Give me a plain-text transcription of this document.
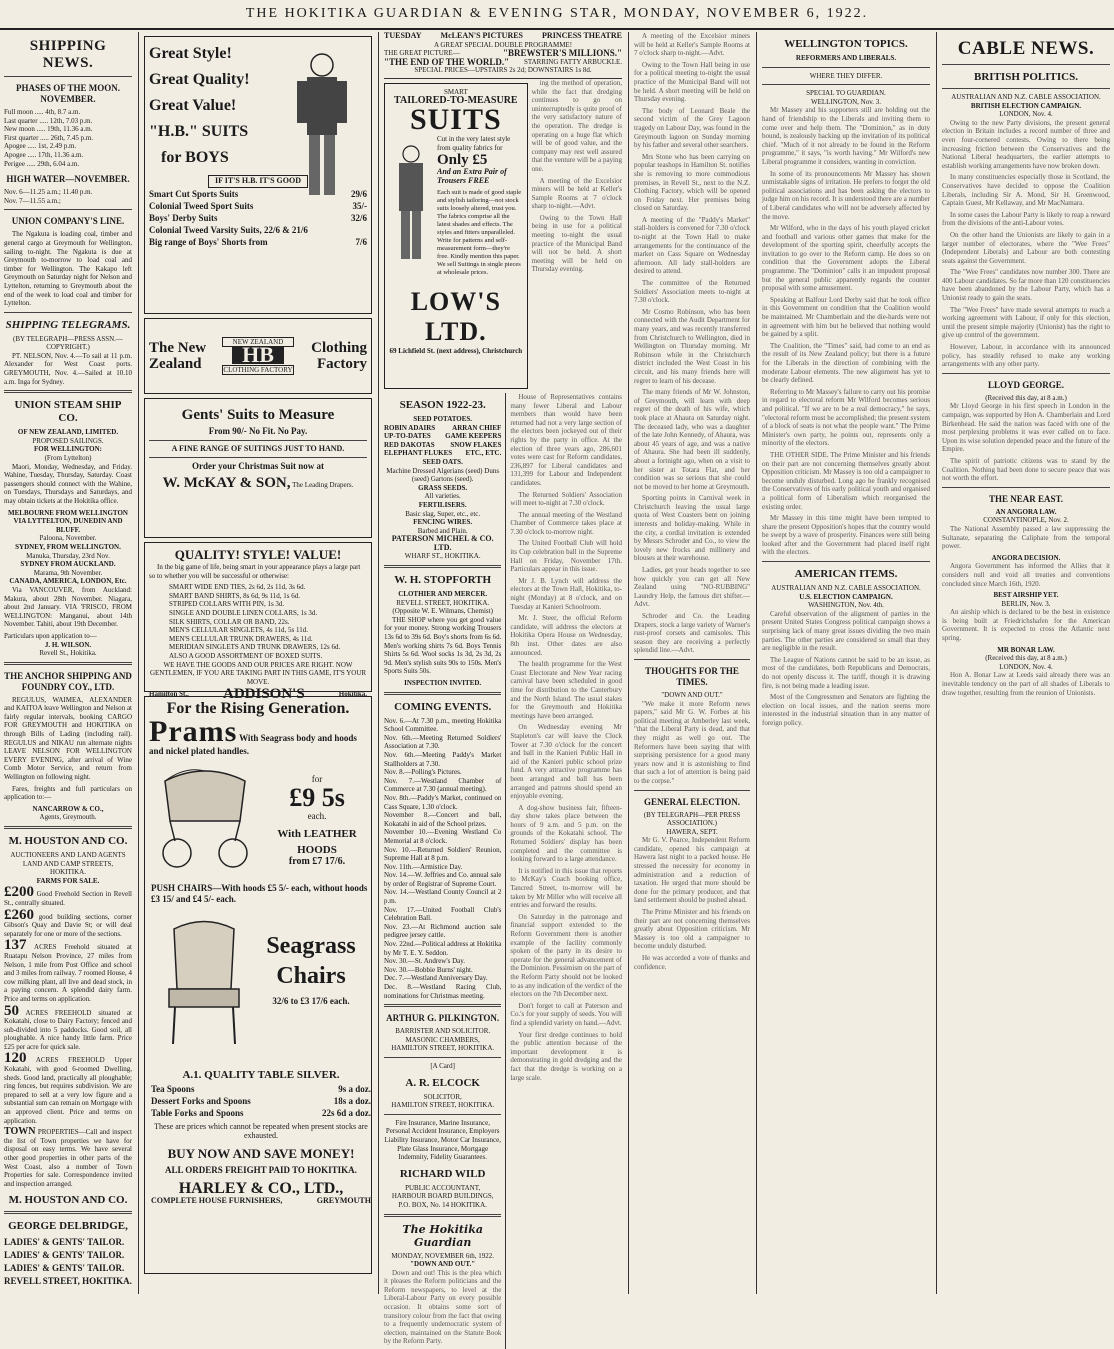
THE HOKITIKA GUARDIAN & EVENING STAR, MONDAY, NOVEMBER 6, 1922.
SHIPPING NEWS.
PHASES OF THE MOON. NOVEMBER.
Full moon ..... 4th, 8.7 a.m.
Last quarter ..... 12th, 7.03 p.m.
New moon ..... 19th, 11.36 a.m.
First quarter ..... 26th, 7.45 p.m.
Apogee ..... 1st, 2.49 p.m.
Apogee ..... 17th, 11.36 a.m.
Perigee ..... 29th, 6.04 a.m.
HIGH WATER—NOVEMBER.
Nov. 6—11.25 a.m.; 11.40 p.m.
Nov. 7—11.55 a.m.;
UNION COMPANY'S LINE.
The Ngakuta is loading coal, timber and general cargo at Greymouth for Wellington, sailing to-night. The Ngakuta is due at Greymouth to-morrow to load coal and timber for Wellington. The Kakapo left Greymouth on Saturday night for Nelson and Lyttelton, returning to Greymouth about the end of the week to load coal and timber for Lyttelton.
SHIPPING TELEGRAMS.
(BY TELEGRAPH—PRESS ASSN.—COPYRIGHT.)
PT. NELSON, Nov. 4.—To sail at 11 p.m. Alexander for West Coast ports. GREYMOUTH, Nov. 4.—Sailed at 10.10 a.m. Inga for Sydney.
UNION STEAM SHIP CO.
OF NEW ZEALAND, LIMITED.
PROPOSED SAILINGS.
FOR WELLINGTON:
(From Lyttelton)
Maori, Monday, Wednesday, and Friday. Wahine, Tuesday, Thursday, Saturday. Coast passengers should connect with the Wahine, on Tuesdays, Thursdays and Saturdays, and may obtain tickets at the Hokitika office.
MELBOURNE FROM WELLINGTON VIA LYTTELTON, DUNEDIN AND BLUFF.
Paloona, November.
SYDNEY, FROM WELLINGTON.
Manuka, Thursday, 23rd Nov.
SYDNEY FROM AUCKLAND.
Marama, 9th November.
CANADA, AMERICA, LONDON, Etc.
Via VANCOUVER, from Auckland: Makura, about 28th November. Niagara, about 2nd January. VIA 'FRISCO, FROM WELLINGTON: Manganui, about 14th November. Tahiti, about 19th December.
Particulars upon application to—
J. H. WILSON.
Revell St., Hokitika.
THE ANCHOR SHIPPING AND FOUNDRY COY., LTD.
REGULUS, WAIMEA, ALEXANDER and KAITOA leave Wellington and Nelson at fairly regular intervals, booking CARGO FOR GREYMOUTH and HOKITIKA on through Bills of Lading (including rail). REGULUS and NIKAU run alternate nights LEAVE NELSON FOR WELLINGTON EVERY EVENING, after arrival of Wine Comb Motor Service, and return from Wellington on following night.
Fares, freights and full particulars on application to:—
NANCARROW & CO.,
Agents, Greymouth.
M. HOUSTON AND CO.
AUCTIONEERS AND LAND AGENTS
LAND AND CAMP STREETS, HOKITIKA.
FARMS FOR SALE.
£200 Good Freehold Section in Revell St., centrally situated.
£260 good building sections, corner Gibson's Quay and Davie St; or will deal separately for one or more of the sections.
137 ACRES Freehold situated at Ruatapu Nelson Province, 27 miles from Nelson, 1 mile from Post Office and school and 3 miles from railway. 7 roomed House, 4 cow milking plant, all live and dead stock, in a paying concern. A splendid dairy farm. Price and terms on application.
50 ACRES FREEHOLD situated at Kokatahi, close to Dairy Factory; fenced and sub-divided into 5 paddocks. Good soil, all ploughable. A nice handy little farm. Price £25 per acre for quick sale.
120 ACRES FREEHOLD Upper Kokatahi, with good 6-roomed Dwelling, sheds. Good land, practically all ploughable; ring fences, but requires subdivision. We are prepared to sell at a very low figure and a substantial sum can remain on Mortgage with an approved client. Price and terms on application.
TOWN PROPERTIES—Call and inspect the list of Town properties we have for disposal on easy terms. We have several other good properties in other parts of the West Coast, also a number of Town Properties for sale. Correspondence invited and inspection arranged.
M. HOUSTON AND CO.
GEORGE DELBRIDGE,
LADIES' & GENTS' TAILOR.
LADIES' & GENTS' TAILOR.
LADIES' & GENTS' TAILOR.
REVELL STREET, HOKITIKA.
Great Style!
Great Quality!
Great Value!
"H.B." SUITS
for BOYS
IF IT'S H.B. IT'S GOOD
Smart Cut Sports Suits	29/6
Colonial Tweed Sport Suits	35/-
Boys' Derby Suits	32/6
Colonial Tweed Varsity Suits, 22/6 & 21/6
Big range of Boys' Shorts from	7/6
The New Zealand
NEW ZEALAND
HB
CLOTHING FACTORY
Clothing Factory
Gents' Suits to Measure
From 90/- No Fit. No Pay.
A FINE RANGE OF SUITINGS JUST TO HAND.
Order your Christmas Suit now at
W. McKAY & SON, The Leading Drapers.
QUALITY! STYLE! VALUE!
In the big game of life, being smart in your appearance plays a large part so to whether you will be successful or otherwise:
SMART WIDE END TIES, 2s 6d, 2s 11d, 3s 6d.
SMART BAND SHIRTS, 8s 6d, 9s 11d, 1s 6d.
STRIPED COLLARS WITH PIN, 1s 3d.
SINGLE AND DOUBLE LINEN COLLARS, 1s 3d.
SILK SHIRTS, COLLAR OR BAND, 22s.
MEN'S CELLULAR SINGLETS, 4s 11d, 5s 11d.
MEN'S CELLULAR TRUNK DRAWERS, 4s 11d.
MERIDIAN SINGLETS AND TRUNK DRAWERS, 12s 6d.
ALSO A GOOD ASSORTMENT OF BOXED SUITS.
WE HAVE THE GOODS AND OUR PRICES ARE RIGHT. NOW GENTLEMEN, IF YOU ARE TAKING PART IN THIS GAME, IT'S YOUR MOVE.
Hamilton St., ADDISON'S	Hokitika.
For the Rising Generation.
Prams With Seagrass body and hoods and nickel plated handles.
for
£9 5s
each.
With LEATHER HOODS
from £7 17/6.
PUSH CHAIRS—With hoods £5 5/- each, without hoods £3 15/ and £4 5/- each.
Seagrass Chairs
32/6 to £3 17/6 each.
A.1. QUALITY TABLE SILVER.
Tea Spoons	9s a doz.
Dessert Forks and Spoons	18s a doz.
Table Forks and Spoons	22s 6d a doz.
These are prices which cannot be repeated when present stocks are exhausted.
BUY NOW AND SAVE MONEY!
ALL ORDERS FREIGHT PAID TO HOKITIKA.
HARLEY & CO., LTD.,
COMPLETE HOUSE FURNISHERS,	GREYMOUTH
TUESDAY McLEAN'S PICTURES PRINCESS THEATRE
A GREAT SPECIAL DOUBLE PROGRAMME!
THE GREAT PICTURE—	"BREWSTER'S MILLIONS."
"THE END OF THE WORLD." STARRING FATTY ARBUCKLE.
SPECIAL PRICES—UPSTAIRS 2s 2d; DOWNSTAIRS 1s 8d.
SMART
TAILORED-TO-MEASURE
SUITS
Cut in the very latest style from quality fabrics for
Only £5
And an Extra Pair of Trousers FREE
Each suit is made of good staple and stylish tailoring—not stock suits loosely altered, trust you. The fabrics comprise all the latest shades and effects. The styles and fitters unparalleled. Write for patterns and self-measurement form—they're free. Kindly mention this paper. We sell Suitings in single pieces at wholesale prices.
LOW'S LTD.
69 Lichfield St. (next address), Christchurch
ing the method of operation, while the fact that dredging continues to go on uninterruptedly is quite proof of the very satisfactory nature of the operation. The dredge is operating on a huge flat which will be of good value, and the company may rest well assured that the venture will be a paying one.
A meeting of the Excelsior miners will be held at Keller's Sample Rooms at 7 o'clock sharp to-night.—Advt.
Owing to the Town Hall being in use for a political meeting to-night the usual practice of the Municipal Band will not be held. A short meeting will be held on Thursday evening.
SEASON 1922-23.
SEED POTATOES.
ROBIN ADAIRS ARRAN CHIEF
UP-TO-DATES GAME KEEPERS
RED DAKOTAS SNOW FLAKES
ELEPHANT FLUKES ETC., ETC.
SEED OATS.
Machine Dressed Algerians (seed) Duns (seed) Gartons (seed).
GRASS SEEDS.
All varieties.
FERTILISERS.
Basic slag, Super, etc., etc.
FENCING WIRES.
Barbed and Plain.
PATERSON MICHEL & CO. LTD.
WHARF ST., HOKITIKA.
W. H. STOPFORTH
CLOTHIER AND MERCER.
REVELL STREET, HOKITIKA.
(Opposite W. E. Wilmans, Chemist)
THE SHOP where you get good value for your money. Strong working Trousers 13s 6d to 39s 6d. Boy's shorts from 6s 6d. Men's working shirts 7s 6d. Boys Tennis Shirts 5s 6d. Wool socks 1s 3d, 2s 3d, 2s 9d. Men's stylish suits 90s to 150s. Men's Sports Suits 50s.
INSPECTION INVITED.
COMING EVENTS.
Nov. 6.—At 7.30 p.m., meeting Hokitika School Committee.
Nov. 6th.—Meeting Returned Soldiers' Association at 7.30.
Nov. 6th.—Meeting Paddy's Market Stallholders at 7.30.
Nov. 8.—Polling's Pictures.
Nov. 7.—Westland Chamber of Commerce at 7.30 (annual meeting).
Nov. 8th.—Paddy's Market, continued on Cass Square, 1.30 o'clock.
November 8.—Concert and ball, Kokatahi in aid of the School prizes.
November 10.—Evening Westland Co Memorial at 8 o'clock.
Nov. 10.—Returned Soldiers' Reunion, Supreme Hall at 8 p.m.
Nov. 11th.—Armistice Day.
Nov. 14.—W. Jeffries and Co. annual sale by order of Registrar of Supreme Court.
Nov. 14.—Westland County Council at 2 p.m.
Nov. 17.—United Football Club's Celebration Ball.
Nov. 23.—At Richmond auction sale pedigree jersey cattle.
Nov. 22nd.—Political address at Hokitika by Mr T. E. Y. Seddon.
Nov. 30.—St. Andrew's Day.
Nov. 30.—Bobbie Burns' night.
Dec. 7.—Westland Anniversary Day.
Dec. 8.—Westland Racing Club, nominations for Christmas meeting.
ARTHUR G. PILKINGTON.
BARRISTER AND SOLICITOR.
MASONIC CHAMBERS,
HAMILTON STREET, HOKITIKA.
[A Card]
A. R. ELCOCK
SOLICITOR,
HAMILTON STREET, HOKITIKA.
Fire Insurance, Marine Insurance, Personal Accident Insurance, Employers Liability Insurance, Motor Car Insurance, Plate Glass Insurance, Mortgage Indemnity, Fidelity Guarantees.
RICHARD WILD
PUBLIC ACCOUNTANT,
HARBOUR BOARD BUILDINGS,
P.O. BOX, No. 14 HOKITIKA.
The Hokitika Guardian
MONDAY, NOVEMBER 6th, 1922.
"DOWN AND OUT."
Down and out! This is the plea which it pleases the Reform politicians and the Reform newspapers, to level at the Liberal-Labour Party on every possible occasion. It obtains some sort of transitory colour from the fact that owing to a frequently undemocratic system of election, maintained on the Statute Book by the Reform Party.
House of Representatives contains many fewer Liberal and Labour members than would have been returned had not a very large section of the electors been jockeyed out of their rights by the party in office. At the election of three years ago, 286,601 votes were cast for Reform candidates, 236,897 for Liberal candidates and 131,399 for Labour and Independent candidates.
The Returned Soldiers' Association will meet to-night at 7.30 o'clock.
The annual meeting of the Westland Chamber of Commerce takes place at 7.30 o'clock to-morrow night.
The United Football Club will hold its Cup celebration ball in the Supreme Hall on Friday, November 17th. Particulars appear in this issue.
Mr J. B. Lynch will address the electors at the Town Hall, Hokitika, to-night (Monday) at 8 o'clock, and on Tuesday at Kanieri Schoolroom.
Mr. J. Steer, the official Reform candidate, will address the electors at Hokitika Opera House on Wednesday, 8th inst. Other dates are also announced.
The health programme for the West Coast Electorate and New Year racing carnival have been scheduled in good time for distribution to the Canterbury and the North Island. The usual stakes for the Greymouth and Hokitika meetings have been arranged.
On Wednesday evening Mr Stapleton's car will leave the Clock Tower at 7.30 o'clock for the concert and ball in the Kanieri Public Hall in aid of the Kanieri public school prize fund. A very attractive programme has been arranged and ball has been arranged and patrons should spend an enjoyable evening.
A dog-show business fair, fifteen-day show takes place between the hours of 9 a.m. and 5 p.m. on the grounds of the Kokatahi school. The Returned Soldiers' display has been completed and the committee is looking forward to a large attendance.
It is notified in this issue that reports to McKay's Coach booking office, Tancred Street, to-morrow will be taken by Mr Miller who will receive all entries and forward the results.
On Saturday in the patronage and financial support extended to the Reform Government there is another example of the facility commonly spoken of the party in its desire to operate for the general advancement of the Dominion. Pessimism on the part of the Reform Party should not be looked to as any indication of the verdict of the electors on the 7th December next.
Don't forget to call at Paterson and Co.'s for your supply of seeds. You will find a splendid variety on hand.—Advt.
Your first dredge continues to hold the public attention because of the important development it is demonstrating in gold dredging and the fact that the dredge is working on a large scale.
A meeting of the Excelsior miners will be held at Keller's Sample Rooms at 7 o'clock sharp to-night.—Advt.
Owing to the Town Hall being in use for a political meeting to-night the usual practice of the Municipal Band will not be held. A short meeting will be held on Thursday evening.
The body of Leonard Beale the second victim of the Grey Lagoon tragedy on Labour Day, was found in the Greymouth lagoon on Sunday morning by his father and several other searchers.
Mrs Stone who has been carrying on popular teashops in Hamilton St. notifies she is removing to more commodious premises, in Revell St., next to the N.Z. Clothing Factory, which will be opened on Friday next. Her premises being closed on Saturday.
A meeting of the "Paddy's Market" stall-holders is convened for 7.30 o'clock to-night at the Town Hall to make arrangements for the continuance of the market on Cass Square on Wednesday afternoon. All lady stall-holders are desired to attend.
The committee of the Returned Soldiers' Association meets to-night at 7.30 o'clock.
Mr Cosmo Robinson, who has been connected with the Audit Department for many years, and was recently transferred from Christchurch to Wellington, died in Wellington on Thursday morning. Mr Robinson while in the Christchurch district included the West Coast in his circuit, and his many friends here will regret to learn of his decease.
The many friends of Mr W. Johnston, of Greymouth, will learn with deep regret of the death of his wife, which took place at Ahaura on Saturday night. The deceased lady, who was a daughter of the late John Kennedy, of Ahaura, was about 45 years of age, and was a native of Ahaura. She had been ill suddenly, about a fortnight ago, when on a visit to her sister at Totara Flat, and her condition was so serious that she could not be moved to her home at Greymouth.
Sporting points in Carnival week in Christchurch leaving the usual large quota of West Coasters bent on joining interests and holiday-making. While in the city, a cordial invitation is extended by Messrs Schroder and Co., to view the lovely new frocks and millinery and blouses at their warehouse.
Ladies, get your heads together to see how quickly you can get all New Zealand using "NO-RUBBING" Laundry Help, the famous dirt shifter.—Advt.
Schroder and Co. the Leading Drapers, stock a large variety of Warner's rust-proof corsets and camisoles. This season they are receiving a perfectly splendid line.—Advt.
THOUGHTS FOR THE TIMES.
"DOWN AND OUT."
"We make it more Reform news papers," said Mr G. W. Forbes at his political meeting at Amberley last week, "that the Liberal Party is dead, and that they might as well go out. The Reformers have been saying that with surprising persistence for a good many years now and it is astonishing to find that such a lot of attention is being paid to the corpse."
GENERAL ELECTION.
(BY TELEGRAPH—PER PRESS ASSOCIATION.)
HAWERA, SEPT.
Mr G. V. Pearce, Independent Reform candidate, opened his campaign at Hawera last night to a packed house. He stressed the necessity for economy in administration and a reduction of taxation. He urged that more should be done for the primary producer, and that land settlement should be pushed ahead.
The Prime Minister and his friends on their part are not concerning themselves greatly about Opposition criticism. Mr Massey is too old a campaigner to become unduly disturbed.
He was accorded a vote of thanks and confidence.
WELLINGTON TOPICS.
REFORMERS AND LIBERALS.
WHERE THEY DIFFER.
SPECIAL TO GUARDIAN.
WELLINGTON, Nov. 3.
Mr Massey and his supporters still are holding out the hand of friendship to the Liberals and inviting them to come over and help them. The "Dominion," as in duty bound, is zealously backing up the invitation of its political chief. "Much of it not already to be found in the Reform programme," it says, "is worth having." Mr Wilford's new Liberal programme it considers, wanting in conviction.
In some of its pronouncements Mr Massey has shown unmistakable signs of irritation. He prefers to forget the old political associations and has been asking the electors to judge him on his record. It is understood there are a number of Liberal candidates who will not be adversely affected by the move.
Mr Wilford, who in the days of his youth played cricket and football and various other games that make for the development of the sporting spirit, cheerfully accepts the invitation to go over to the Reform camp. He does so on condition that the Government adopts the Liberal programme. The "Dominion" calls it an impudent proposal but the general public apparently regards the counter proposal with some amusement.
Speaking at Balfour Lord Derby said that he took office in this Government on condition that the Coalition would be maintained. Mr Chamberlain and the die-hards were not in agreement with him but he believed that nothing would be gained by a split.
The Coalition, the "Times" said, had come to an end as the result of its New Zealand policy; but there is a future for the Liberals in the direction of combining with the moderate Labour elements. The new alignment has yet to be clearly defined.
Referring to Mr Massey's failure to carry out his promise in regard to electoral reform Mr Wilford becomes serious and political. "If we are to be a real democracy," he says, "electoral reform must be accomplished; the present system of a block of seats is not what the people want." The Prime Minister's own party, he points out, represents only a minority of the electors.
THE OTHER SIDE. The Prime Minister and his friends on their part are not concerning themselves greatly about Opposition criticism. Mr Massey is too old a campaigner to become unduly disturbed. Long ago he frankly recognised the Conservatives of his early political youth and organised a political form of Liberalism which reorganised the existing order.
Mr Massey in this time might have been tempted to share the present Opposition's hopes that the country would be swept by a wave of prosperity. Finances were still being looked after and the Government had placed itself right with the electors.
AMERICAN ITEMS.
AUSTRALIAN AND N.Z. CABLE ASSOCIATION.
U.S. ELECTION CAMPAIGN.
WASHINGTON, Nov. 4th.
Careful observation of the alignment of parties in the present United States Congress political campaign shows a surprising lack of many great issues dividing the two main parties. The other parties are considered so small that they are negligible in the result.
The League of Nations cannot be said to be an issue, as most of the candidates, both Republicans and Democrats, do not openly discuss it. The tariff, though it is drawing fire, is not being made a leading issue.
Most of the Congressmen and Senators are fighting the election on local issues, and the nation seems more interested in the industrial situation than in any matter of foreign policy.
CABLE NEWS.
BRITISH POLITICS.
AUSTRALIAN AND N.Z. CABLE ASSOCIATION.
BRITISH ELECTION CAMPAIGN.
LONDON, Nov. 4.
Owing to the new Party divisions, the present general election in Britain includes a record number of three and even four-cornered contests. Owing to there being increasing friction between the Conservatives and the National Liberal headquarters, the earlier attempts to establish working arrangements have now broken down.
In many constituencies especially those in Scotland, the Conservatives have decided to oppose the Coalition Liberals, including Sir A. Mond, Sir H. Greenwood, Captain Guest, Mr Kellaway, and Mr MacNamara.
In some cases the Labour Party is likely to reap a reward from the divisions of the anti-Labour votes.
On the other hand the Unionists are likely to gain in a larger number of electorates, where the "Wee Frees" (Independent Liberals) and Labour are both contesting seats against the Government.
The "Wee Frees" candidates now number 300. There are 400 Labour candidates. So far more than 120 constituencies have been abandoned by the Labour Party, which has a Unionist ready to gain the seats.
The "Wee Frees" have made several attempts to reach a working agreement with Labour, if only for this election, until the present simple majority (Unionist) has the right to give up control of the government.
However, Labour, in accordance with its announced policy, has steadily refused to make any working arrangements with any other party.
LLOYD GEORGE.
(Received this day, at 8 a.m.)
Mr Lloyd George in his first speech in London in the campaign, was supported by Hon A. Chamberlain and Lord Birkenhead. He said the nation was faced with one of the most perplexing problems it was ever called on to face. Upon its wise solution depended peace and the future of the Empire.
The spirit of patriotic citizens was to stand by the Coalition. Nothing had been done to secure peace that was not worth the effort.
THE NEAR EAST.
AN ANGORA LAW.
CONSTANTINOPLE, Nov. 2.
The National Assembly passed a law suppressing the Sultanate, separating the Caliphate from the temporal power.
ANGORA DECISION.
Angora Government has informed the Allies that it considers null and void all treaties and conventions concluded since March 16th, 1920.
BEST AIRSHIP YET.
BERLIN, Nov. 3.
An airship which is declared to be the best in existence is being built at Friedrichshafen for the American Government. It is expected to cross the Atlantic next spring.
MR BONAR LAW.
(Received this day, at 8 a.m.)
LONDON, Nov. 4.
Hon A. Bonar Law at Leeds said already there was an inevitable tendency on the part of all shades of Liberals to draw together, resulting from the reunion of Unionists.
